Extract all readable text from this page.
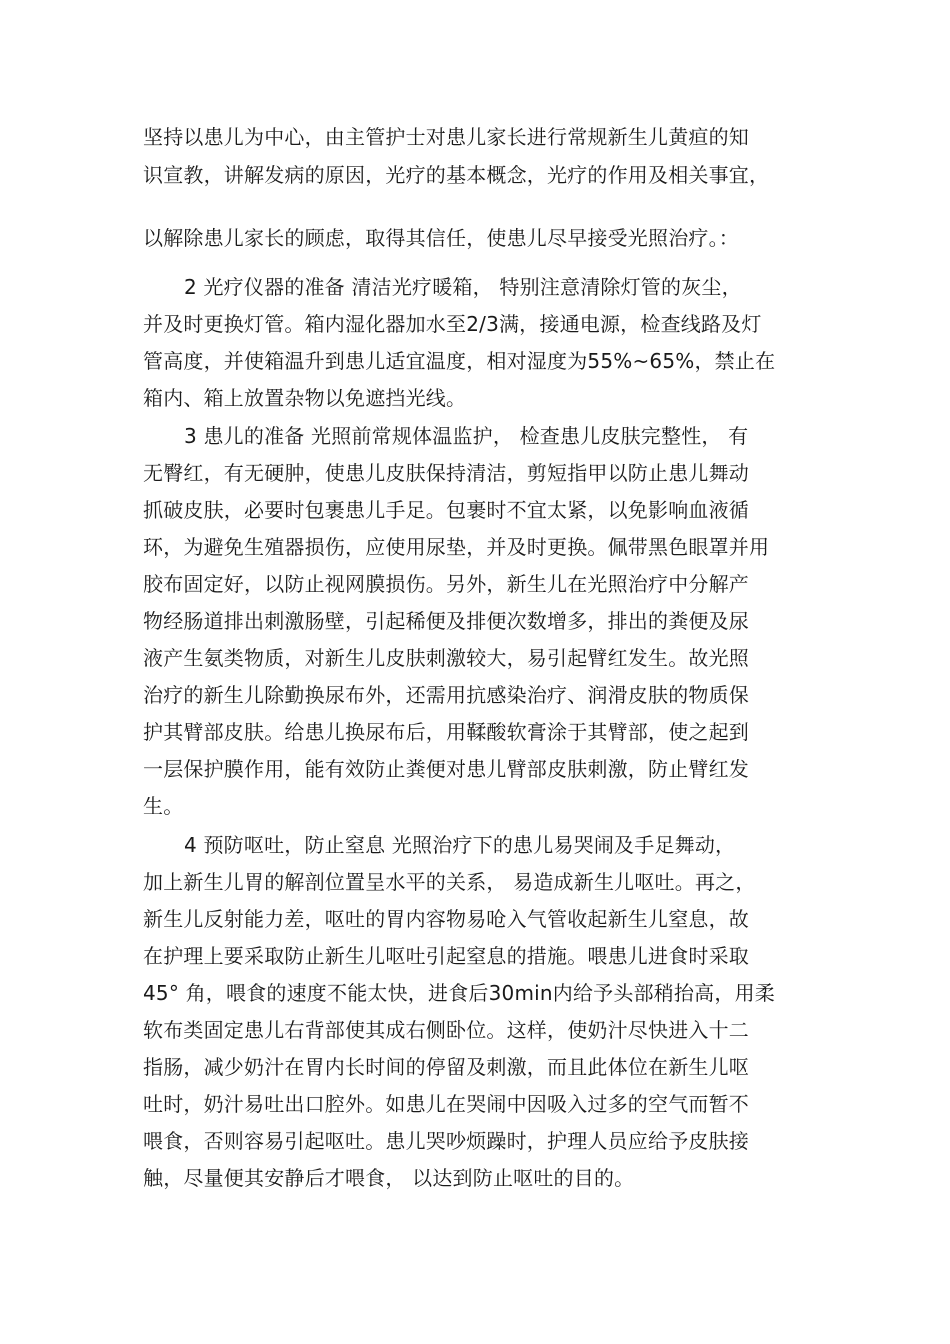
坚持以患儿为中心，由主管护士对患儿家长进行常规新生儿黄疸的知

识宣教，讲解发病的原因，光疗的基本概念，光疗的作用及相关事宜，

以解除患儿家长的顾虑，取得其信任，使患儿尽早接受光照治疗。：

2 光疗仪器的准备 清洁光疗暖箱， 特别注意清除灯管的灰尘，

并及时更换灯管。箱内湿化器加水至2/3满，接通电源，检查线路及灯

管高度，并使箱温升到患儿适宜温度，相对湿度为55%~65%，禁止在

箱内、箱上放置杂物以免遮挡光线。

3 患儿的准备 光照前常规体温监护， 检查患儿皮肤完整性， 有

无臀红，有无硬肿，使患儿皮肤保持清洁，剪短指甲以防止患儿舞动

抓破皮肤，必要时包裹患儿手足。包裹时不宜太紧，以免影响血液循

环，为避免生殖器损伤，应使用尿垫，并及时更换。佩带黑色眼罩并用

胶布固定好，以防止视网膜损伤。另外，新生儿在光照治疗中分解产

物经肠道排出刺激肠壁，引起稀便及排便次数增多，排出的粪便及尿

液产生氨类物质，对新生儿皮肤刺激较大，易引起臂红发生。故光照

治疗的新生儿除勤换尿布外，还需用抗感染治疗、润滑皮肤的物质保

护其臂部皮肤。给患儿换尿布后，用鞣酸软膏涂于其臂部，使之起到

一层保护膜作用，能有效防止粪便对患儿臂部皮肤刺激，防止臂红发

生。

4 预防呕吐，防止窒息 光照治疗下的患儿易哭闹及手足舞动，

加上新生儿胃的解剖位置呈水平的关系， 易造成新生儿呕吐。再之，

新生儿反射能力差，呕吐的胃内容物易呛入气管收起新生儿窒息，故

在护理上要采取防止新生儿呕吐引起窒息的措施。喂患儿进食时采取

45° 角，喂食的速度不能太快，进食后30min内给予头部稍抬高，用柔

软布类固定患儿右背部使其成右侧卧位。这样，使奶汁尽快进入十二

指肠，减少奶汁在胃内长时间的停留及刺激，而且此体位在新生儿呕

吐时，奶汁易吐出口腔外。如患儿在哭闹中因吸入过多的空气而暂不

喂食，否则容易引起呕吐。患儿哭吵烦躁时，护理人员应给予皮肤接

触，尽量便其安静后才喂食， 以达到防止呕吐的目的。
